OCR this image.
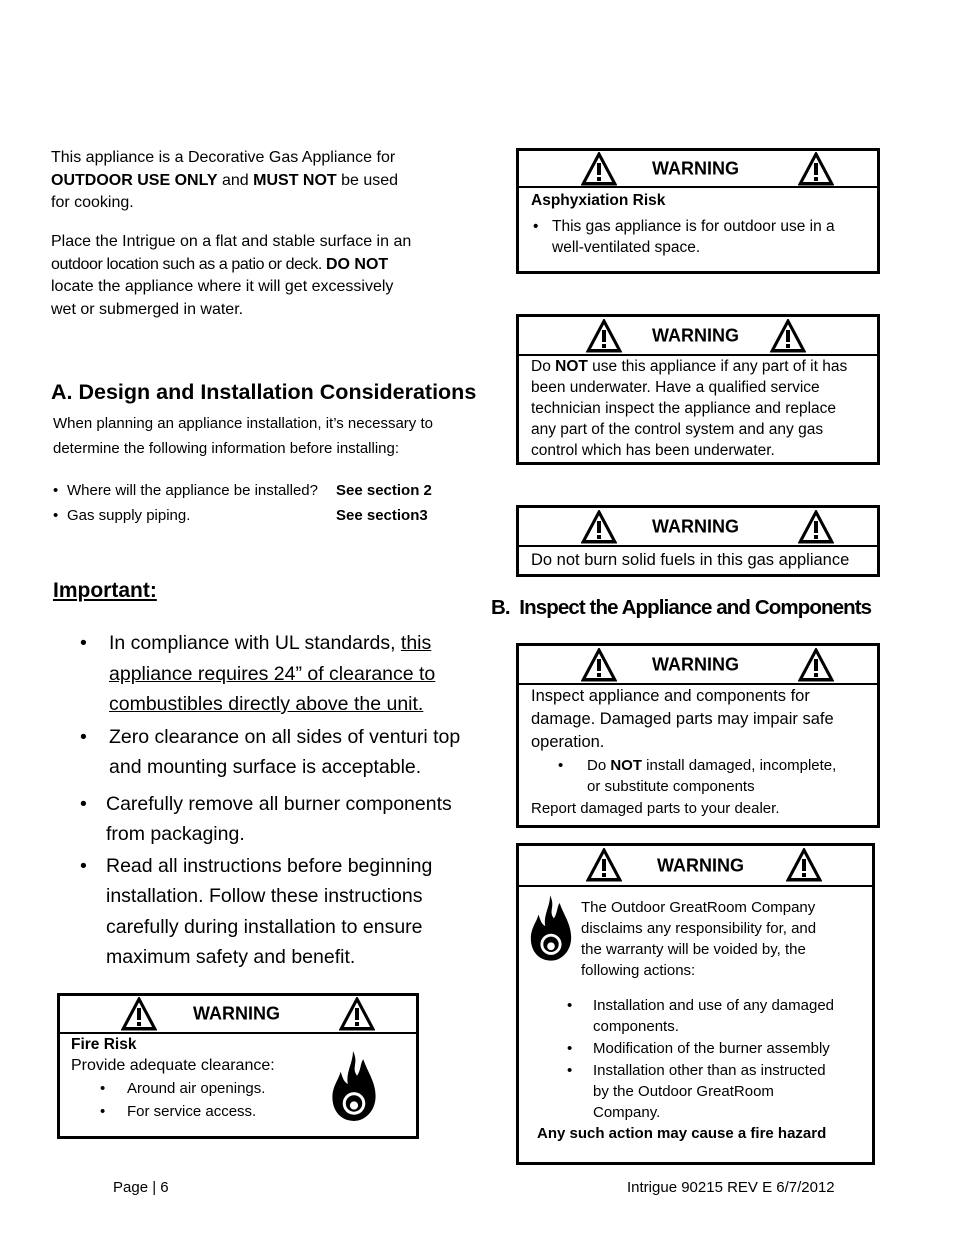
This appliance is a Decorative Gas Appliance for
OUTDOOR USE ONLY and MUST NOT be used
for cooking.
Place the Intrigue on a flat and stable surface in an
outdoor location such as a patio or deck. DO NOT
locate the appliance where it will get excessively
wet or submerged in water.
A. Design and Installation Considerations
When planning an appliance installation, it’s necessary to
determine the following information before installing:
• Where will the appliance be installed? See section 2

• Gas supply piping.	See section3

Important:
• In compliance with UL standards, this
appliance requires 24” of clearance to
combustibles directly above the unit.
• Zero clearance on all sides of venturi top
and mounting surface is acceptable.
• Carefully remove all burner components
from packaging.
• Read all instructions before beginning
installation. Follow these instructions
carefully during installation to ensure
maximum safety and benefit.
WARNING
Fire Risk
Provide adequate clearance:
• Around air openings.
• For service access.
WARNING
Asphyxiation Risk
• This gas appliance is for outdoor use in a
well-ventilated space.
WARNING
Do NOT use this appliance if any part of it has
been underwater. Have a qualified service
technician inspect the appliance and replace
any part of the control system and any gas
control which has been underwater.
WARNING
Do not burn solid fuels in this gas appliance
B.  Inspect the Appliance and Components
WARNING
Inspect appliance and components for
damage. Damaged parts may impair safe
operation.
• Do NOT install damaged, incomplete,
or substitute components
Report damaged parts to your dealer.
WARNING
The Outdoor GreatRoom Company
disclaims any responsibility for, and
the warranty will be voided by, the
following actions:
• Installation and use of any damaged
components.
• Modification of the burner assembly
• Installation other than as instructed
by the Outdoor GreatRoom
Company.
Any such action may cause a fire hazard
Page | 6	Intrigue 90215 REV E 6/7/2012
